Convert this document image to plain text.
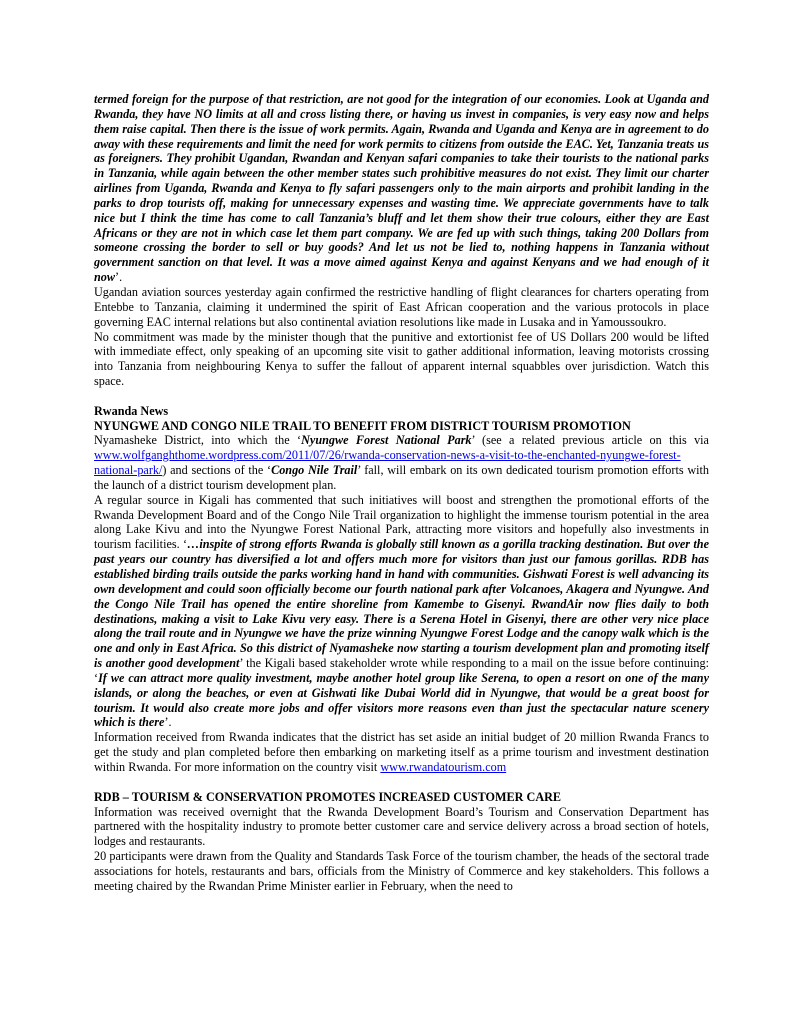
termed foreign for the purpose of that restriction, are not good for the integration of our economies. Look at Uganda and Rwanda, they have NO limits at all and cross listing there, or having us invest in companies, is very easy now and helps them raise capital. Then there is the issue of work permits. Again, Rwanda and Uganda and Kenya are in agreement to do away with these requirements and limit the need for work permits to citizens from outside the EAC. Yet, Tanzania treats us as foreigners. They prohibit Ugandan, Rwandan and Kenyan safari companies to take their tourists to the national parks in Tanzania, while again between the other member states such prohibitive measures do not exist. They limit our charter airlines from Uganda, Rwanda and Kenya to fly safari passengers only to the main airports and prohibit landing in the parks to drop tourists off, making for unnecessary expenses and wasting time. We appreciate governments have to talk nice but I think the time has come to call Tanzania’s bluff and let them show their true colours, either they are East Africans or they are not in which case let them part company. We are fed up with such things, taking 200 Dollars from someone crossing the border to sell or buy goods? And let us not be lied to, nothing happens in Tanzania without government sanction on that level. It was a move aimed against Kenya and against Kenyans and we had enough of it now’.

Ugandan aviation sources yesterday again confirmed the restrictive handling of flight clearances for charters operating from Entebbe to Tanzania, claiming it undermined the spirit of East African cooperation and the various protocols in place governing EAC internal relations but also continental aviation resolutions like made in Lusaka and in Yamoussoukro.

No commitment was made by the minister though that the punitive and extortionist fee of US Dollars 200 would be lifted with immediate effect, only speaking of an upcoming site visit to gather additional information, leaving motorists crossing into Tanzania from neighbouring Kenya to suffer the fallout of apparent internal squabbles over jurisdiction. Watch this space.

Rwanda News

NYUNGWE AND CONGO NILE TRAIL TO BENEFIT FROM DISTRICT TOURISM PROMOTION

Nyamasheke District, into which the ‘Nyungwe Forest National Park’ (see a related previous article on this via www.wolfganghthome.wordpress.com/2011/07/26/rwanda-conservation-news-a-visit-to-the-enchanted-nyungwe-forest-national-park/) and sections of the ‘Congo Nile Trail’ fall, will embark on its own dedicated tourism promotion efforts with the launch of a district tourism development plan.

A regular source in Kigali has commented that such initiatives will boost and strengthen the promotional efforts of the Rwanda Development Board and of the Congo Nile Trail organization to highlight the immense tourism potential in the area along Lake Kivu and into the Nyungwe Forest National Park, attracting more visitors and hopefully also investments in tourism facilities. ‘…inspite of strong efforts Rwanda is globally still known as a gorilla tracking destination. But over the past years our country has diversified a lot and offers much more for visitors than just our famous gorillas. RDB has established birding trails outside the parks working hand in hand with communities. Gishwati Forest is well advancing its own development and could soon officially become our fourth national park after Volcanoes, Akagera and Nyungwe. And the Congo Nile Trail has opened the entire shoreline from Kamembe to Gisenyi. RwandAir now flies daily to both destinations, making a visit to Lake Kivu very easy. There is a Serena Hotel in Gisenyi, there are other very nice place along the trail route and in Nyungwe we have the prize winning Nyungwe Forest Lodge and the canopy walk which is the one and only in East Africa. So this district of Nyamasheke now starting a tourism development plan and promoting itself is another good development’ the Kigali based stakeholder wrote while responding to a mail on the issue before continuing: ‘If we can attract more quality investment, maybe another hotel group like Serena, to open a resort on one of the many islands, or along the beaches, or even at Gishwati like Dubai World did in Nyungwe, that would be a great boost for tourism. It would also create more jobs and offer visitors more reasons even than just the spectacular nature scenery which is there’.

Information received from Rwanda indicates that the district has set aside an initial budget of 20 million Rwanda Francs to get the study and plan completed before then embarking on marketing itself as a prime tourism and investment destination within Rwanda. For more information on the country visit www.rwandatourism.com

RDB – TOURISM & CONSERVATION PROMOTES INCREASED CUSTOMER CARE

Information was received overnight that the Rwanda Development Board’s Tourism and Conservation Department has partnered with the hospitality industry to promote better customer care and service delivery across a broad section of hotels, lodges and restaurants.

20 participants were drawn from the Quality and Standards Task Force of the tourism chamber, the heads of the sectoral trade associations for hotels, restaurants and bars, officials from the Ministry of Commerce and key stakeholders. This follows a meeting chaired by the Rwandan Prime Minister earlier in February, when the need to
